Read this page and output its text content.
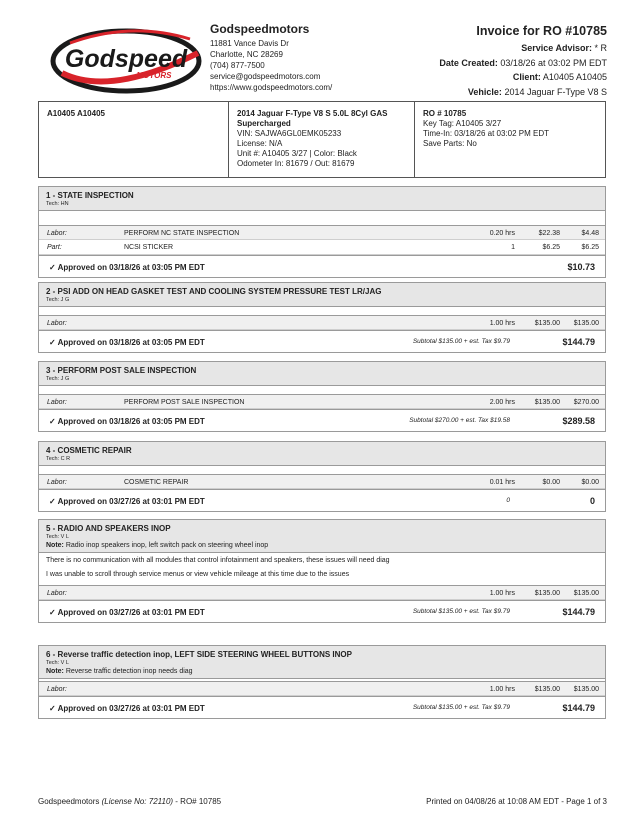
Godspeed
MOTORS
Godspeedmotors
11881 Vance Davis Dr
Charlotte, NC 28269
(704) 877-7500
service@godspeedmotors.com
https://www.godspeedmotors.com/
Invoice for RO #10785
Service Advisor: * R
Date Created: 03/18/26 at 03:02 PM EDT
Client: A10405 A10405
Vehicle: 2014 Jaguar F-Type V8 S
A10405 A10405	2014 Jaguar F-Type V8 S 5.0L 8Cyl GAS
Supercharged
VIN: SAJWA6GL0EMK05233
License: N/A
Unit #: A10405 3/27 | Color: Black
Odometer In: 81679 / Out: 81679
RO # 10785
Key Tag: A10405 3/27
Time-In: 03/18/26 at 03:02 PM EDT
Save Parts: No
1 - STATE INSPECTION
Tech: HN
Labor:	PERFORM NC STATE INSPECTION	0.20 hrs	$22.38	$4.48
Part:	NCSI STICKER	1	$6.25	$6.25
✓ Approved on 03/18/26 at 03:05 PM EDT	$10.73
2 - PSI ADD ON HEAD GASKET TEST AND COOLING SYSTEM PRESSURE TEST LR/JAG
Tech: J G
Labor:	1.00 hrs	$135.00 $135.00
✓ Approved on 03/18/26 at 03:05 PM EDT	Subtotal $135.00 + est. Tax $9.79	$144.79
3 - PERFORM POST SALE INSPECTION
Tech: J G
Labor:	PERFORM POST SALE INSPECTION	2.00 hrs	$135.00 $270.00
✓ Approved on 03/18/26 at 03:05 PM EDT	Subtotal $270.00 + est. Tax $19.58	$289.58
4 - COSMETIC REPAIR
Tech: C R
Labor:	COSMETIC REPAIR	0.01 hrs	$0.00	$0.00
✓ Approved on 03/27/26 at 03:01 PM EDT	0	0
5 - RADIO AND SPEAKERS INOP
Tech: V L
Note: Radio inop speakers inop, left switch pack on steering wheel inop
There is no communication with all modules that control infotainment and speakers, these issues will need diag
I was unable to scroll through service menus or view vehicle mileage at this time due to the issues
Labor:	1.00 hrs	$135.00 $135.00
✓ Approved on 03/27/26 at 03:01 PM EDT	Subtotal $135.00 + est. Tax $9.79	$144.79
6 - Reverse traffic detection inop, LEFT SIDE STEERING WHEEL BUTTONS INOP
Tech: V L
Note: Reverse traffic detection inop needs diag
Labor:	1.00 hrs	$135.00 $135.00
✓ Approved on 03/27/26 at 03:01 PM EDT	Subtotal $135.00 + est. Tax $9.79	$144.79
Godspeedmotors (License No: 72110) - RO# 10785	Printed on 04/08/26 at 10:08 AM EDT - Page 1 of 3
